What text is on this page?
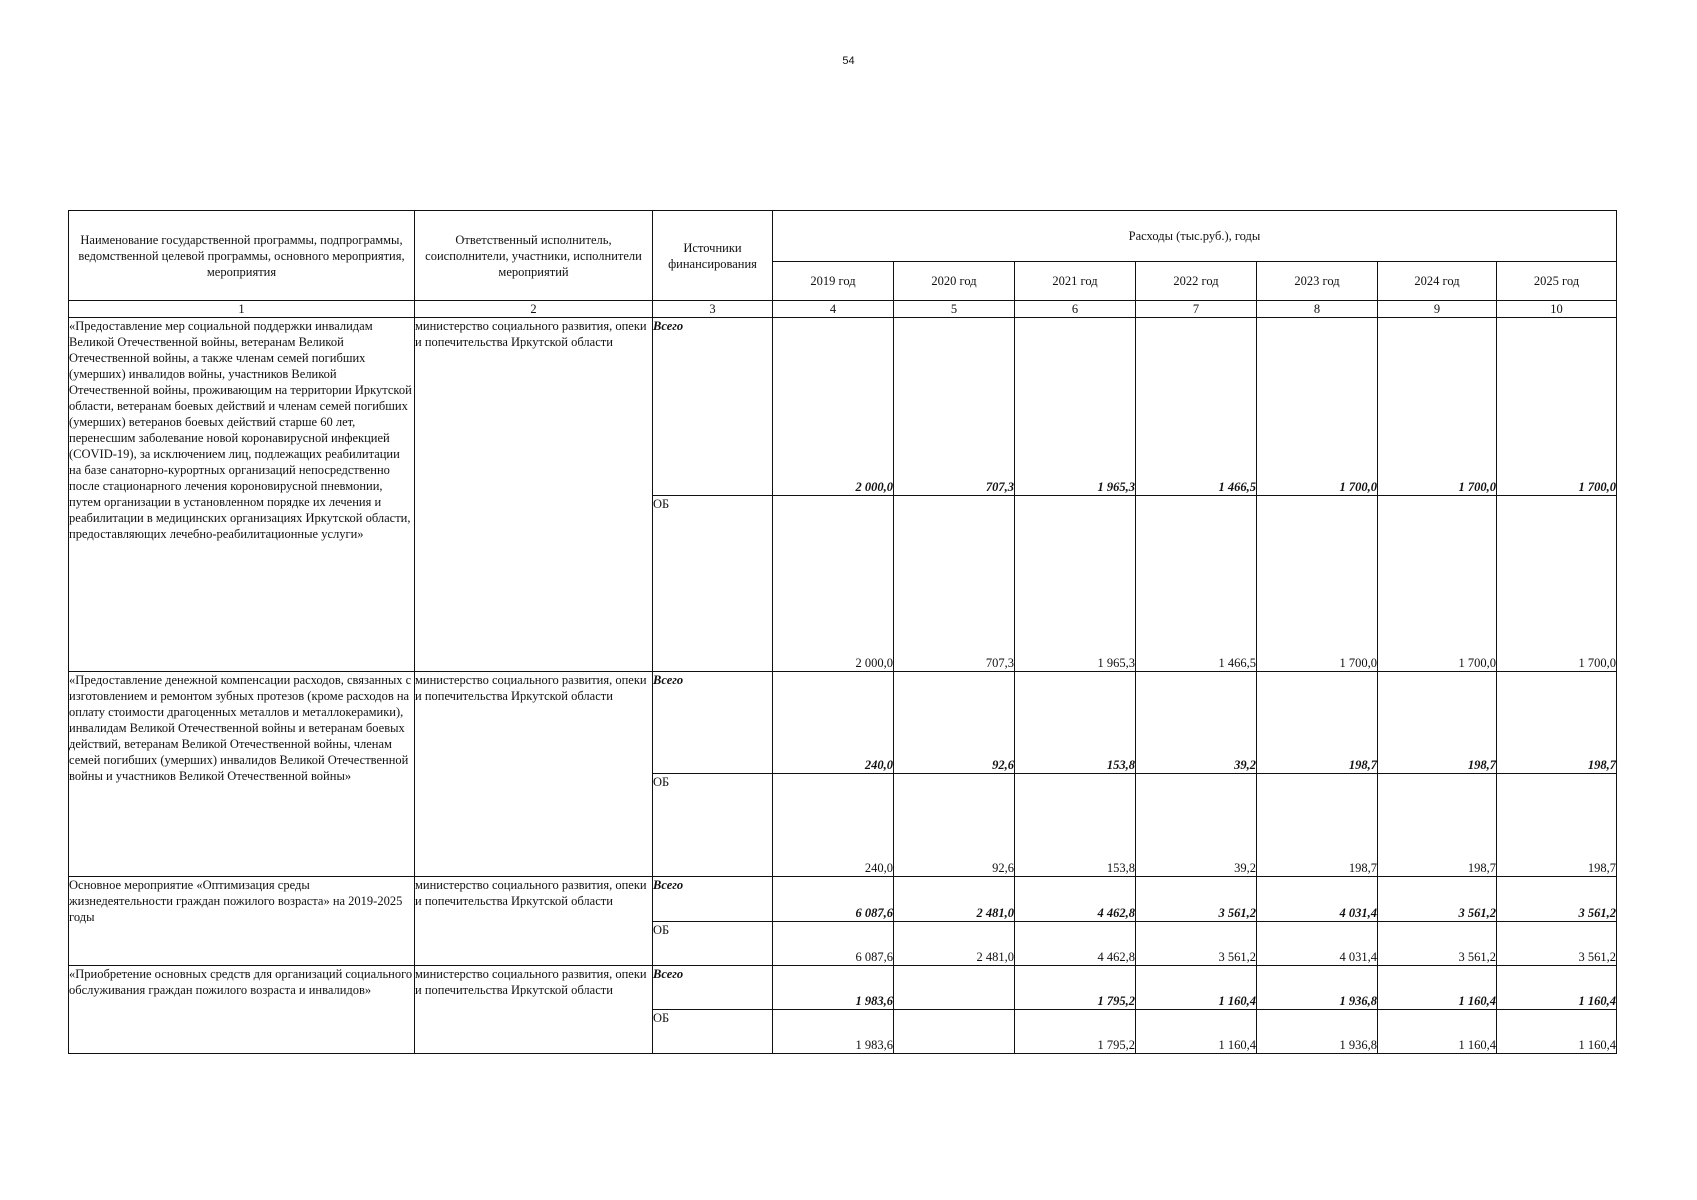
54
Наименование государственной программы, подпрограммы, ведомственной целевой программы, основного мероприятия, мероприятия	Ответственный исполнитель, соисполнители, участники, исполнители мероприятий	Источники финансирования	Расходы (тыс.руб.), годы						
			2019 год	2020 год	2021 год	2022 год	2023 год	2024 год	2025 год
1	2	3	4	5	6	7	8	9	10
«Предоставление мер социальной поддержки инвалидам Великой Отечественной войны, ветеранам Великой Отечественной войны, а также членам семей погибших (умерших) инвалидов войны, участников Великой Отечественной войны, проживающим на территории Иркутской области, ветеранам боевых действий и членам семей погибших (умерших) ветеранов боевых действий старше 60 лет, перенесшим заболевание новой коронавирусной инфекцией (COVID-19), за исключением лиц, подлежащих реабилитации на базе санаторно-курортных организаций непосредственно после стационарного лечения короновирусной пневмонии, путем организации в установленном порядке их лечения и реабилитации в медицинских организациях Иркутской области, предоставляющих лечебно-реабилитационные услуги»	министерство социального развития, опеки и попечительства Иркутской области	Всего	2 000,0	707,3	1 965,3	1 466,5	1 700,0	1 700,0	1 700,0
		ОБ	2 000,0	707,3	1 965,3	1 466,5	1 700,0	1 700,0	1 700,0
«Предоставление денежной компенсации расходов, связанных с изготовлением и ремонтом зубных протезов (кроме расходов на оплату стоимости драгоценных металлов и металлокерамики), инвалидам Великой Отечественной войны и ветеранам боевых действий, ветеранам Великой Отечественной войны, членам семей погибших (умерших) инвалидов Великой Отечественной войны и участников Великой Отечественной войны»	министерство социального развития, опеки и попечительства Иркутской области	Всего	240,0	92,6	153,8	39,2	198,7	198,7	198,7
		ОБ	240,0	92,6	153,8	39,2	198,7	198,7	198,7
Основное мероприятие «Оптимизация среды жизнедеятельности граждан пожилого возраста» на 2019-2025 годы	министерство социального развития, опеки и попечительства Иркутской области	Всего	6 087,6	2 481,0	4 462,8	3 561,2	4 031,4	3 561,2	3 561,2
		ОБ	6 087,6	2 481,0	4 462,8	3 561,2	4 031,4	3 561,2	3 561,2
«Приобретение основных средств для организаций социального обслуживания граждан пожилого возраста и инвалидов»	министерство социального развития, опеки и попечительства Иркутской области	Всего	1 983,6		1 795,2	1 160,4	1 936,8	1 160,4	1 160,4
		ОБ	1 983,6		1 795,2	1 160,4	1 936,8	1 160,4	1 160,4
